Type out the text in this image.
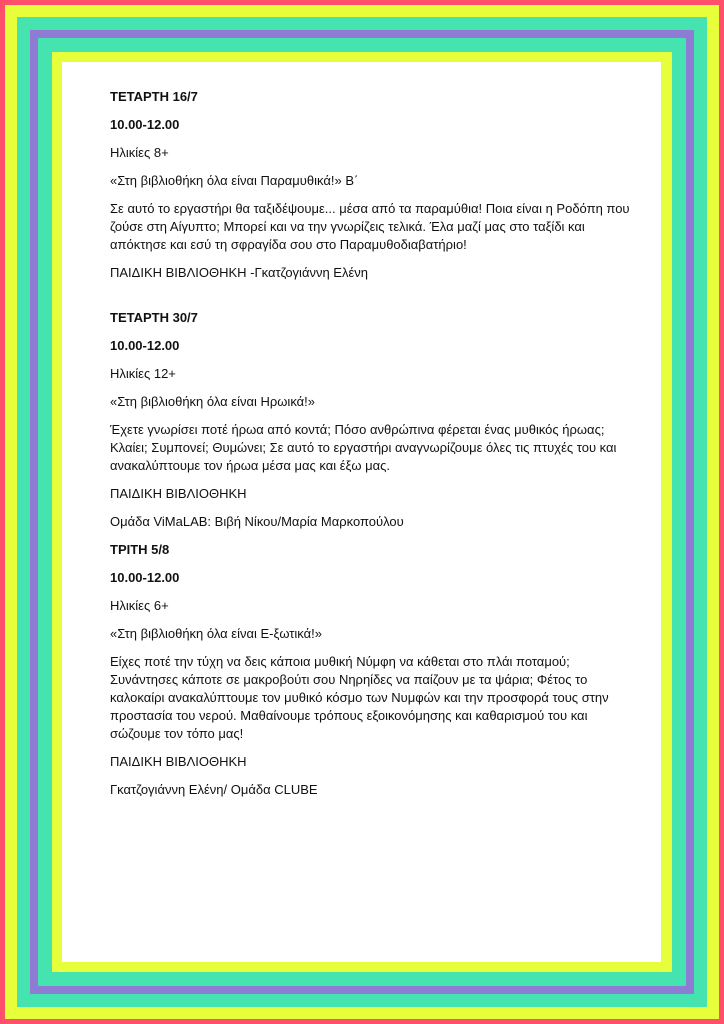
ΤΕΤΑΡΤΗ 16/7

10.00-12.00

Ηλικίες 8+

«Στη βιβλιοθήκη όλα είναι Παραμυθικά!» Β΄

Σε αυτό το εργαστήρι θα ταξιδέψουμε... μέσα από τα παραμύθια! Ποια είναι η Ροδόπη που ζούσε στη Αίγυπτο; Μπορεί και να την γνωρίζεις τελικά. Έλα μαζί μας στο ταξίδι και απόκτησε και εσύ τη σφραγίδα σου στο Παραμυθοδιαβατήριο!

ΠΑΙΔΙΚΗ ΒΙΒΛΙΟΘΗΚΗ -Γκατζογιάννη Ελένη

ΤΕΤΑΡΤΗ 30/7

10.00-12.00

Ηλικίες 12+

«Στη βιβλιοθήκη όλα είναι Ηρωικά!»

Έχετε γνωρίσει ποτέ ήρωα από κοντά; Πόσο ανθρώπινα φέρεται ένας μυθικός ήρωας; Κλαίει; Συμπονεί; Θυμώνει; Σε αυτό το εργαστήρι αναγνωρίζουμε όλες τις πτυχές του και ανακαλύπτουμε τον ήρωα μέσα μας και έξω μας.

ΠΑΙΔΙΚΗ ΒΙΒΛΙΟΘΗΚΗ

Ομάδα ViMaLAB: Βιβή Νίκου/Μαρία Μαρκοπούλου

ΤΡΙΤΗ 5/8

10.00-12.00

Ηλικίες 6+

«Στη βιβλιοθήκη όλα είναι Ε-ξωτικά!»

Είχες ποτέ την τύχη να δεις κάποια μυθική Νύμφη να κάθεται στο πλάι ποταμού; Συνάντησες κάποτε σε μακροβούτι σου Νηρηίδες να παίζουν με τα ψάρια; Φέτος το καλοκαίρι ανακαλύπτουμε τον μυθικό κόσμο των Νυμφών και την προσφορά τους στην προστασία του νερού. Μαθαίνουμε τρόπους εξοικονόμησης και καθαρισμού του και σώζουμε τον τόπο μας!

ΠΑΙΔΙΚΗ ΒΙΒΛΙΟΘΗΚΗ

Γκατζογιάννη Ελένη/ Ομάδα CLUBE
